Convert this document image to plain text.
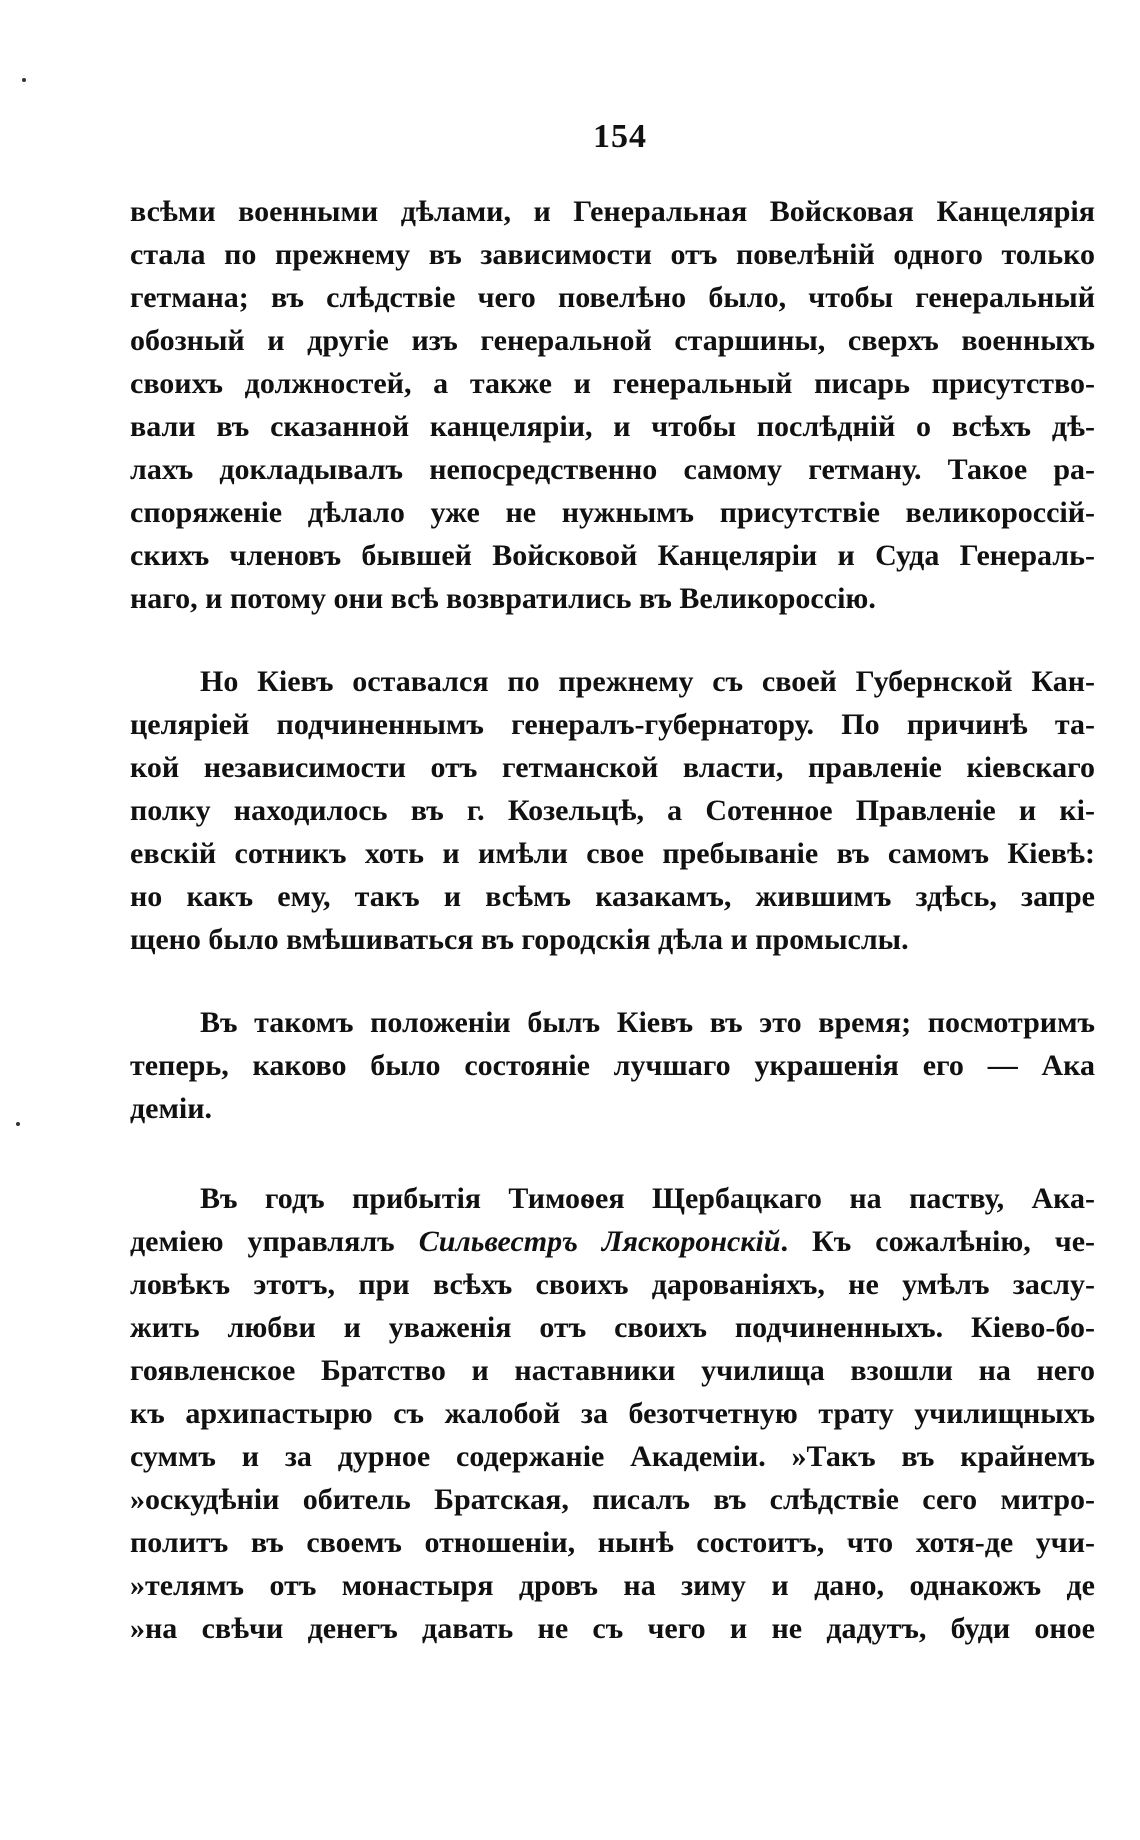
154
всѣми военными дѣлами, и Генеральная Войсковая Канцелярія
стала по прежнему въ зависимости отъ повелѣній одного только
гетмана; въ слѣдствіе чего повелѣно было, чтобы генеральный
обозный и другіе изъ генеральной старшины, сверхъ военныхъ
своихъ должностей, а также и генеральный писарь присутство-
вали въ сказанной канцеляріи, и чтобы послѣдній о всѣхъ дѣ-
лахъ докладывалъ непосредственно самому гетману. Такое ра-
споряженіе дѣлало уже не нужнымъ присутствіе великороссій-
скихъ членовъ бывшей Войсковой Канцеляріи и Суда Генераль-
наго, и потому они всѣ возвратились въ Великороссію.
Но Кіевъ оставался по прежнему съ своей Губернской Кан-
целяріей подчиненнымъ генералъ-губернатору. По причинѣ та-
кой независимости отъ гетманской власти, правленіе кіевскаго
полку находилось въ г. Козельцѣ, а Сотенное Правленіе и кі-
евскій сотникъ хоть и имѣли свое пребываніе въ самомъ Кіевѣ:
но какъ ему, такъ и всѣмъ казакамъ, жившимъ здѣсь, запре
щено было вмѣшиваться въ городскія дѣла и промыслы.
Въ такомъ положеніи былъ Кіевъ въ это время; посмотримъ
теперь, каково было состояніе лучшаго украшенія его — Ака
деміи.
Въ годъ прибытія Тимоѳея Щербацкаго на паству, Ака-
деміею управлялъ Сильвестръ Ляскоронскій. Къ сожалѣнію, че-
ловѣкъ этотъ, при всѣхъ своихъ дарованіяхъ, не умѣлъ заслу-
жить любви и уваженія отъ своихъ подчиненныхъ. Кіево-бо-
гоявленское Братство и наставники училища взошли на него
къ архипастырю съ жалобой за безотчетную трату училищныхъ
суммъ и за дурное содержаніе Академіи. »Такъ въ крайнемъ
»оскудѣніи обитель Братская, писалъ въ слѣдствіе сего митро-
политъ въ своемъ отношеніи, нынѣ состоитъ, что хотя-де учи-
»телямъ отъ монастыря дровъ на зиму и дано, однакожъ де
»на свѣчи денегъ давать не съ чего и не дадутъ, буди оное
